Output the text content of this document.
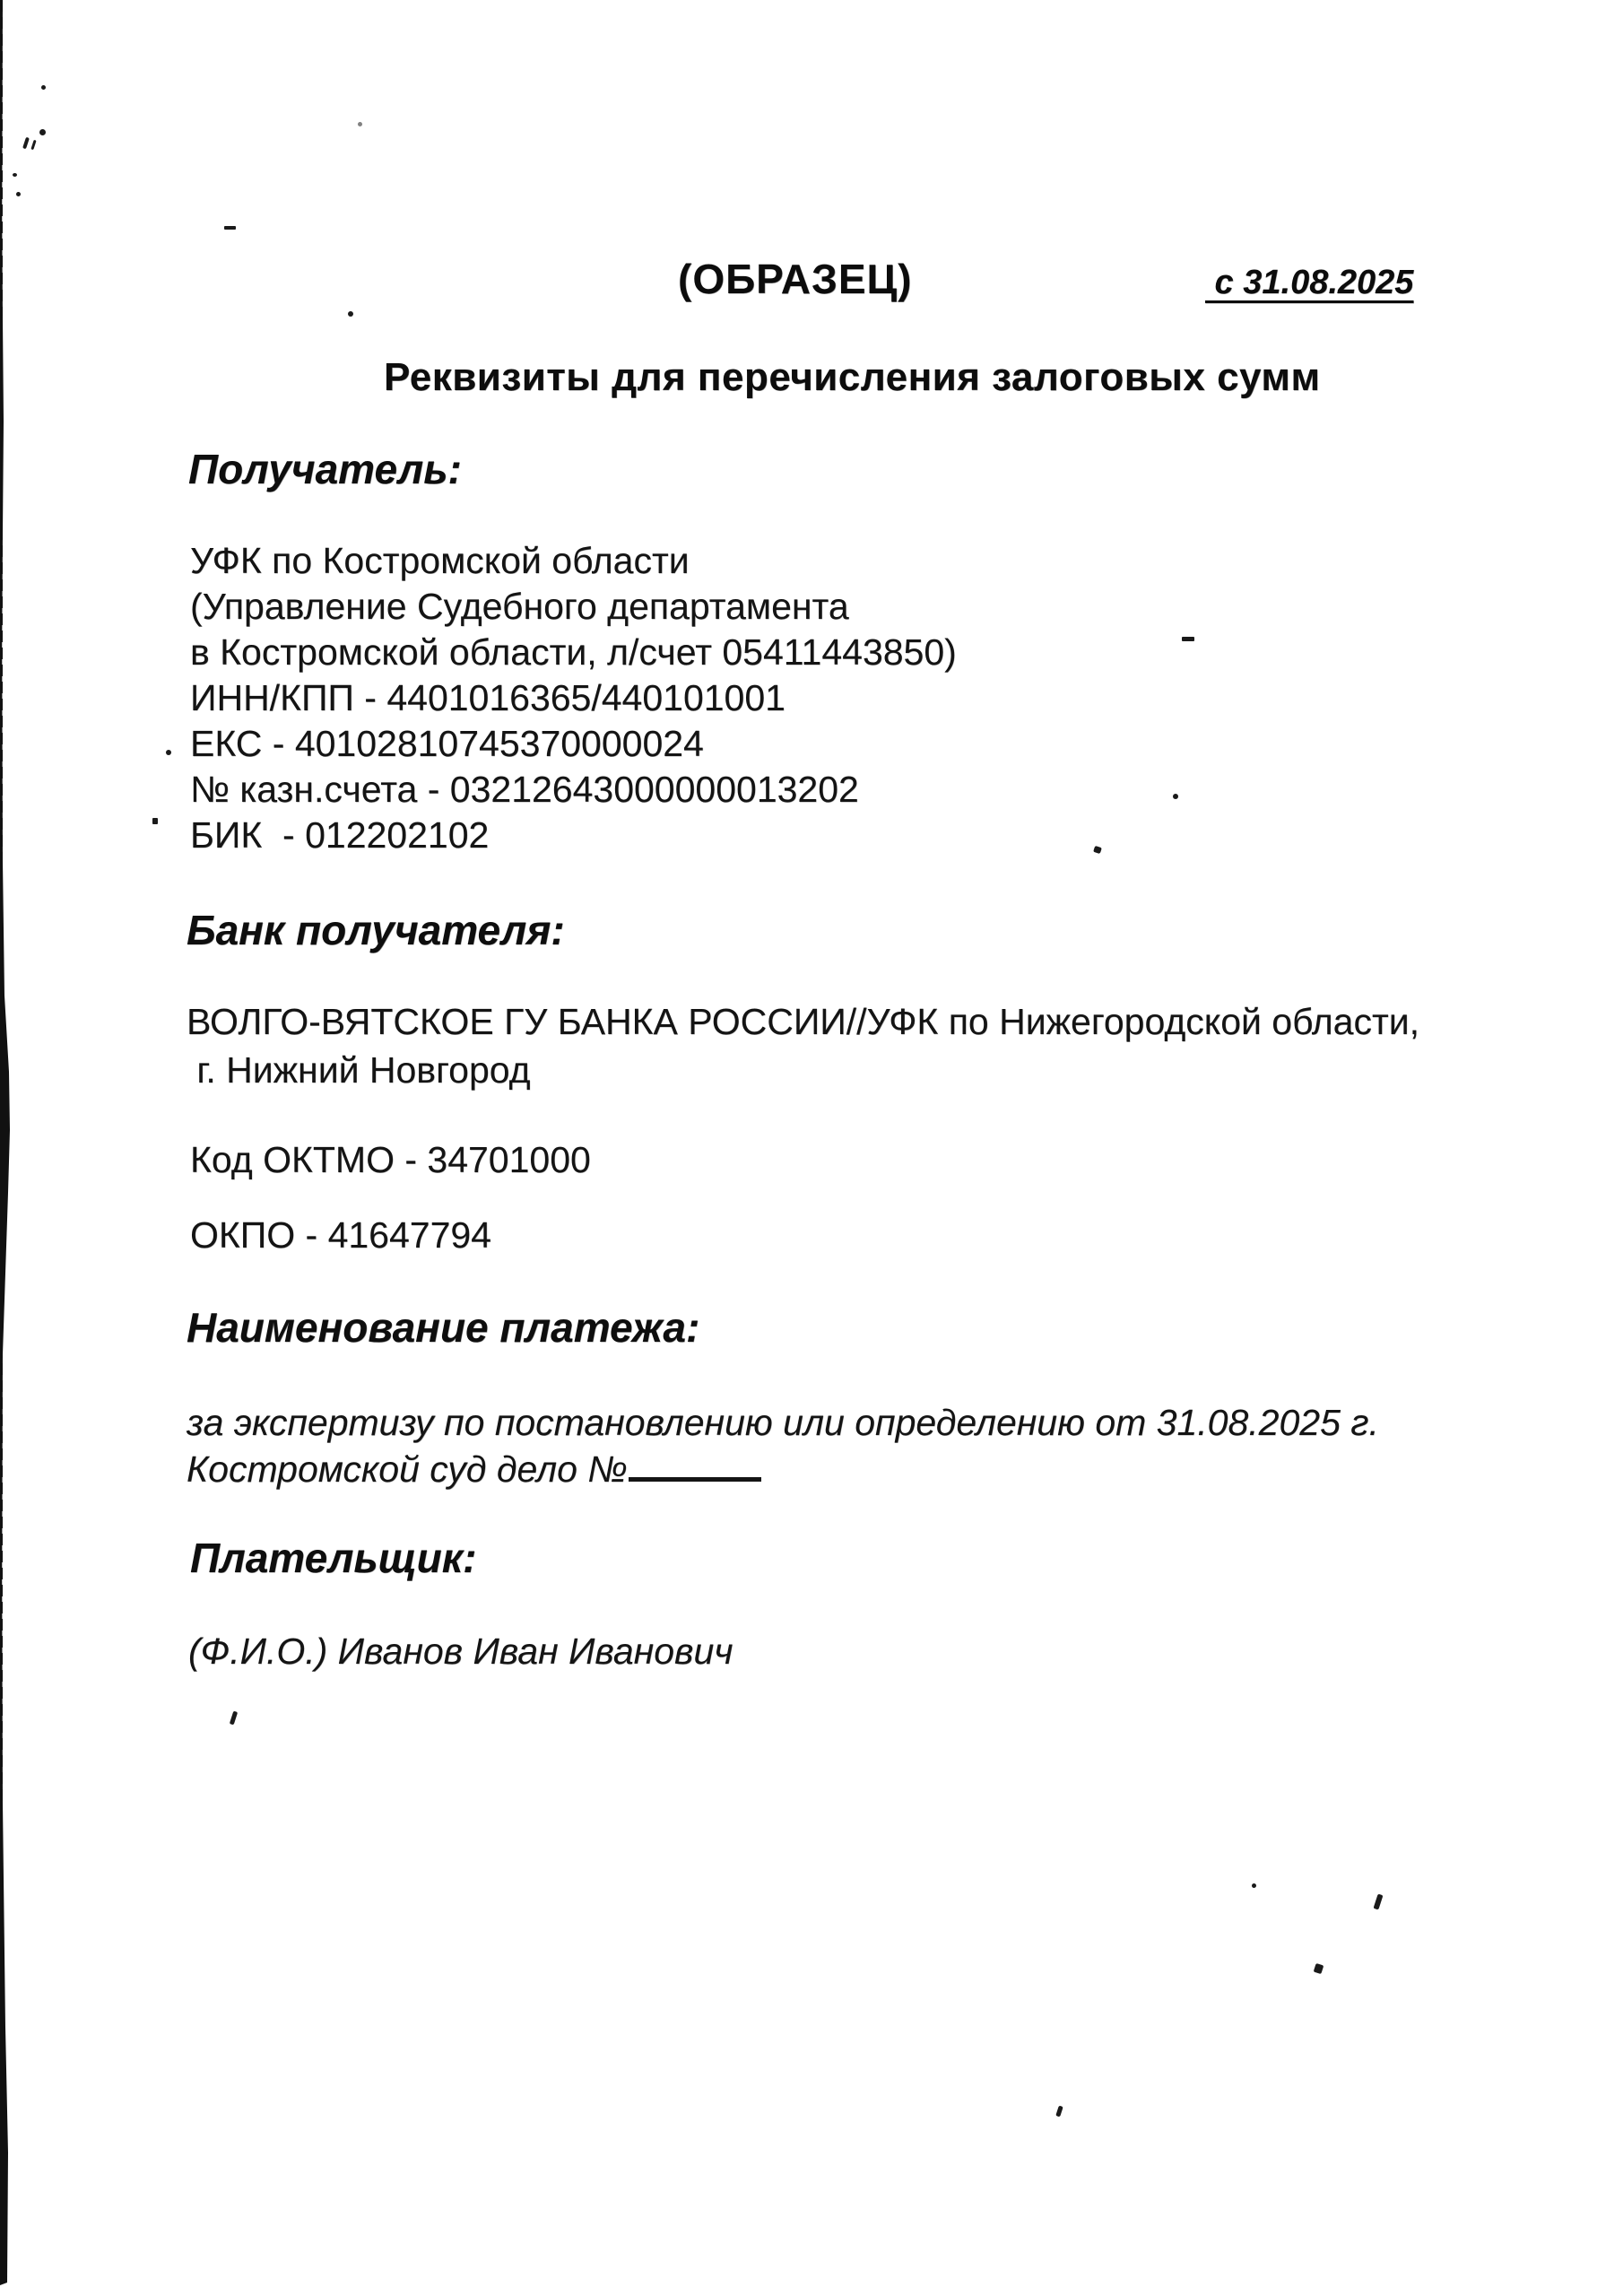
(ОБРАЗЕЦ)	с 31.08.2025
Реквизиты для перечисления залоговых сумм
Получатель:
УФК по Костромской области
(Управление Судебного департамента
в Костромской области, л/счет 05411443850)
ИНН/КПП - 4401016365/440101001
ЕКС - 40102810745370000024
№ казн.счета - 03212643000000013202
БИК  - 012202102
Банк получателя:
ВОЛГО-ВЯТСКОЕ ГУ БАНКА РОССИИ//УФК по Нижегородской области,
г. Нижний Новгород
Код ОКТМО - 34701000
ОКПО - 41647794
Наименование платежа:
за экспертизу по постановлению или определению от 31.08.2025 г.
Костромской суд дело №
Плательщик:
(Ф.И.О.) Иванов Иван Иванович
